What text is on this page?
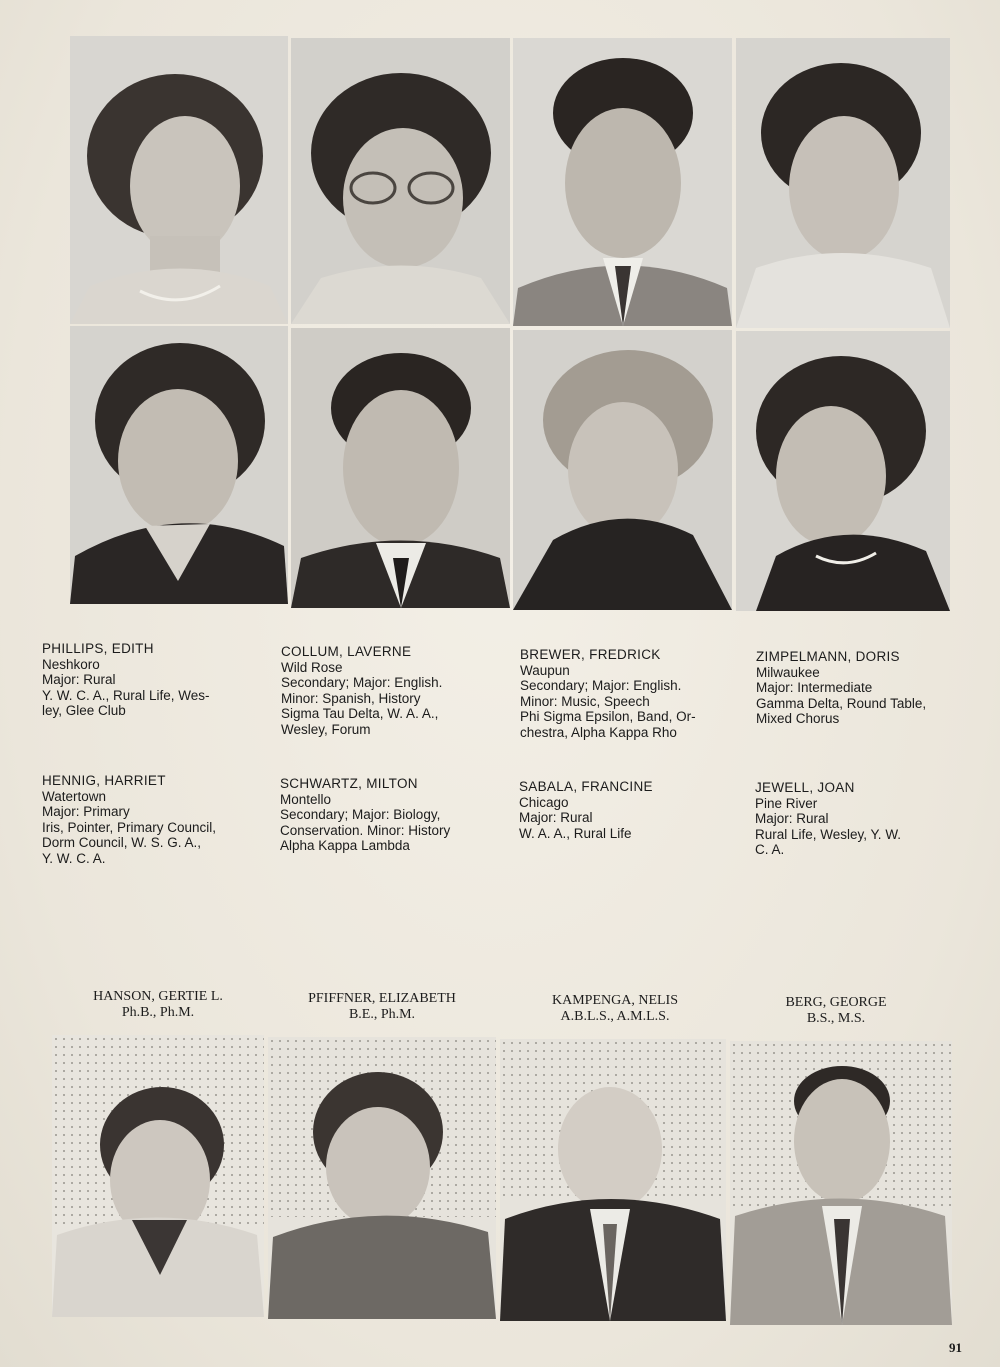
PHILLIPS, EDITH
Neshkoro
Major: Rural
Y. W. C. A., Rural Life, Wes-
ley, Glee Club
COLLUM, LAVERNE
Wild Rose
Secondary; Major: English.
Minor: Spanish, History
Sigma Tau Delta, W. A. A.,
Wesley, Forum
BREWER, FREDRICK
Waupun
Secondary; Major: English.
Minor: Music, Speech
Phi Sigma Epsilon, Band, Or-
chestra, Alpha Kappa Rho
ZIMPELMANN, DORIS
Milwaukee
Major: Intermediate
Gamma Delta, Round Table,
Mixed Chorus
HENNIG, HARRIET
Watertown
Major: Primary
Iris, Pointer, Primary Council,
Dorm Council, W. S. G. A.,
Y. W. C. A.
SCHWARTZ, MILTON
Montello
Secondary; Major: Biology,
Conservation. Minor: History
Alpha Kappa Lambda
SABALA, FRANCINE
Chicago
Major: Rural
W. A. A., Rural Life
JEWELL, JOAN
Pine River
Major: Rural
Rural Life, Wesley, Y. W.
C. A.
HANSON, GERTIE L.
Ph.B., Ph.M.
PFIFFNER, ELIZABETH
B.E., Ph.M.
KAMPENGA, NELIS
A.B.L.S., A.M.L.S.
BERG, GEORGE
B.S., M.S.
91
